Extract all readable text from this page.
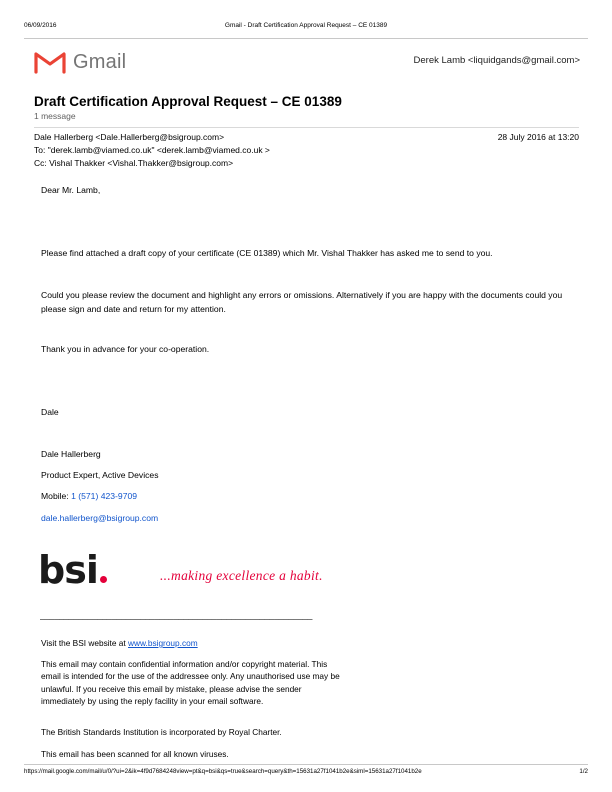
06/09/2016	Gmail - Draft Certification Approval Request – CE 01389
Gmail	Derek Lamb <liquidgands@gmail.com>
Draft Certification Approval Request – CE 01389
1 message
Dale Hallerberg <Dale.Hallerberg@bsigroup.com>	28 July 2016 at 13:20
To: "derek.lamb@viamed.co.uk" <derek.lamb@viamed.co.uk >
Cc: Vishal Thakker <Vishal.Thakker@bsigroup.com>
Dear Mr. Lamb,
Please find attached a draft copy of your certificate (CE 01389) which Mr. Vishal Thakker has asked me to send to you.
Could you please review the document and highlight any errors or omissions. Alternatively if you are happy with the documents could you please sign and date and return for my attention.
Thank you in advance for your co-operation.
Dale
Dale Hallerberg
Product Expert, Active Devices
Mobile: 1 (571) 423-9709
dale.hallerberg@bsigroup.com
bsi	...making excellence a habit.
_________________________________________________________
Visit the BSI website at www.bsigroup.com
This email may contain confidential information and/or copyright material. This email is intended for the use of the addressee only. Any unauthorised use may be unlawful. If you receive this email by mistake, please advise the sender immediately by using the reply facility in your email software.
The British Standards Institution is incorporated by Royal Charter.
This email has been scanned for all known viruses.
https://mail.google.com/mail/u/0/?ui=2&ik=4f9d7684248view=pt&q=bsi&qs=true&search=query&th=15631a27f1041b2e&siml=15631a27f1041b2e	1/2
